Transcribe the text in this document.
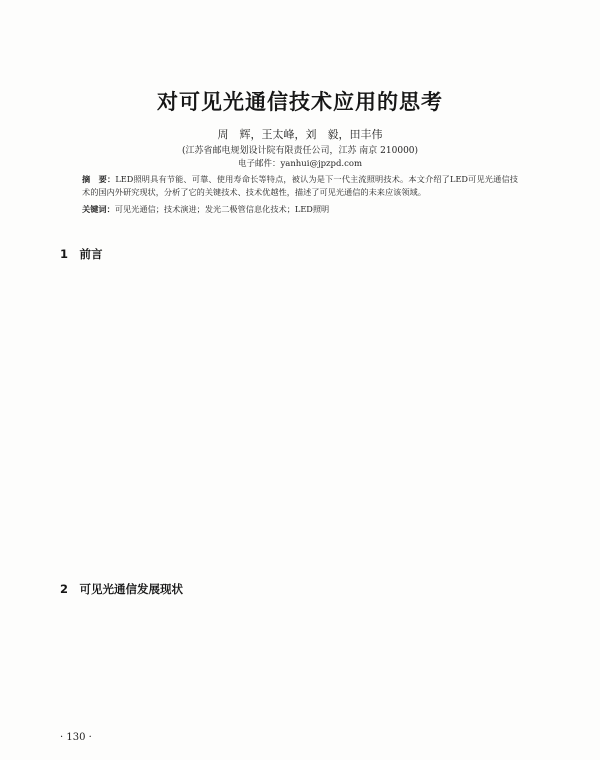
对可见光通信技术应用的思考
周　辉，王太峰，刘　毅，田丰伟
(江苏省邮电规划设计院有限责任公司，江苏 南京 210000)
电子邮件：yanhui@jpzpd.com
摘　要：LED照明具有节能、可靠、使用寿命长等特点，被认为是下一代主流照明技术。本文介绍了LED可见光通信技术的国内外研究现状，分析了它的关键技术、技术优越性，描述了可见光通信的未来应该领域。
关键词：可见光通信；技术演进；发光二极管信息化技术；LED照明
1　前言
2　可见光通信发展现状
· 130 ·
